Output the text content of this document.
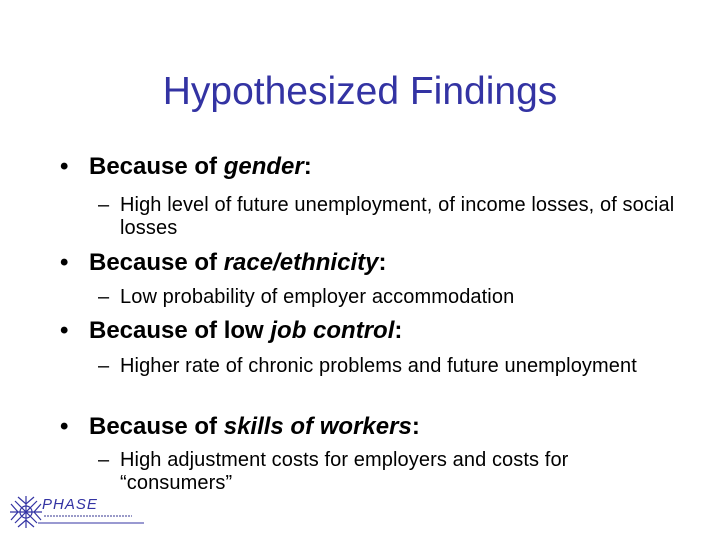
Hypothesized Findings
• Because of gender:
– High level of future unemployment, of income losses, of social losses
• Because of race/ethnicity:
– Low probability of employer accommodation
• Because of low job control:
– Higher rate of chronic problems and future unemployment
• Because of skills of workers:
– High adjustment costs for employers and costs for “consumers”
PHASE
